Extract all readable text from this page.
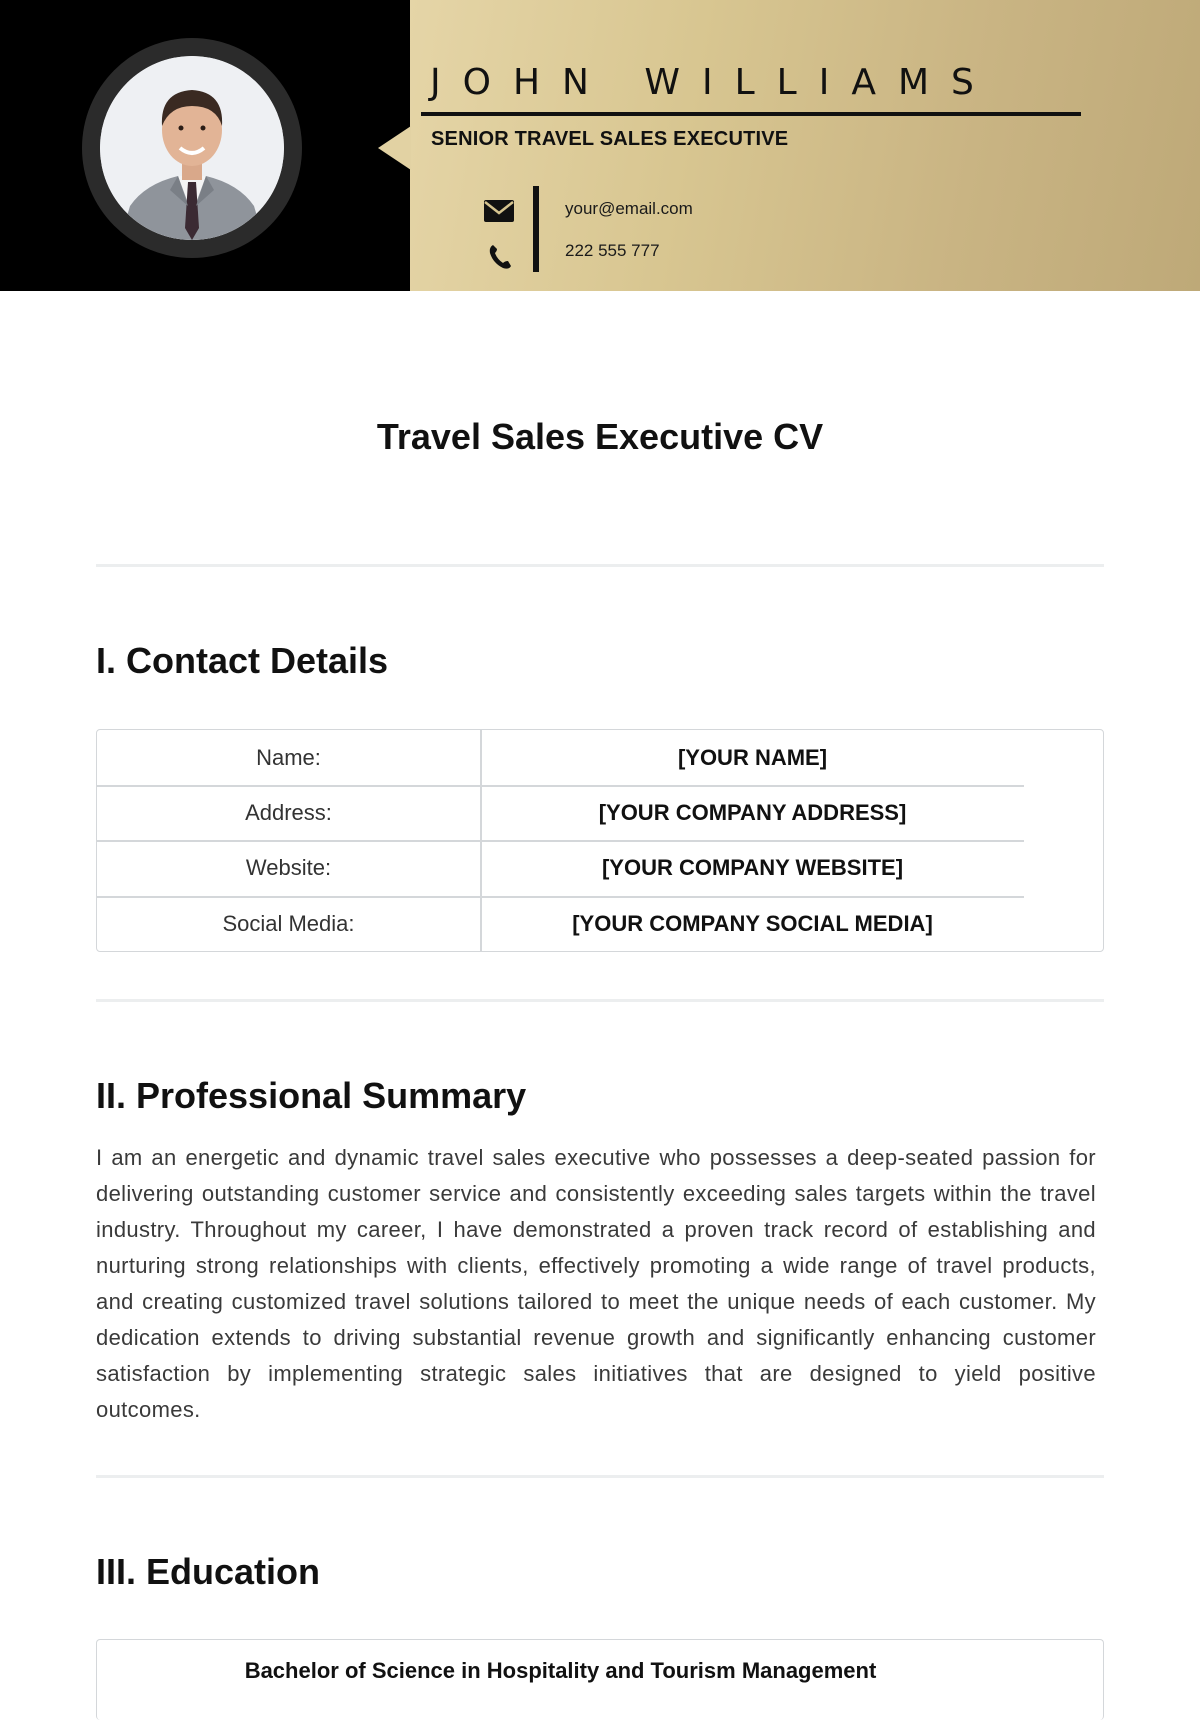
JOHN WILLIAMS
SENIOR TRAVEL SALES EXECUTIVE
your@email.com
222 555 777
Travel Sales Executive CV
I. Contact Details
Name:	[YOUR NAME]
Address:	[YOUR COMPANY ADDRESS]
Website:	[YOUR COMPANY WEBSITE]
Social Media:	[YOUR COMPANY SOCIAL MEDIA]
II. Professional Summary
I am an energetic and dynamic travel sales executive who possesses a deep-seated passion for delivering outstanding customer service and consistently exceeding sales targets within the travel industry. Throughout my career, I have demonstrated a proven track record of establishing and nurturing strong relationships with clients, effectively promoting a wide range of travel products, and creating customized travel solutions tailored to meet the unique needs of each customer. My dedication extends to driving substantial revenue growth and significantly enhancing customer satisfaction by implementing strategic sales initiatives that are designed to yield positive outcomes.
III. Education
Bachelor of Science in Hospitality and Tourism Management
